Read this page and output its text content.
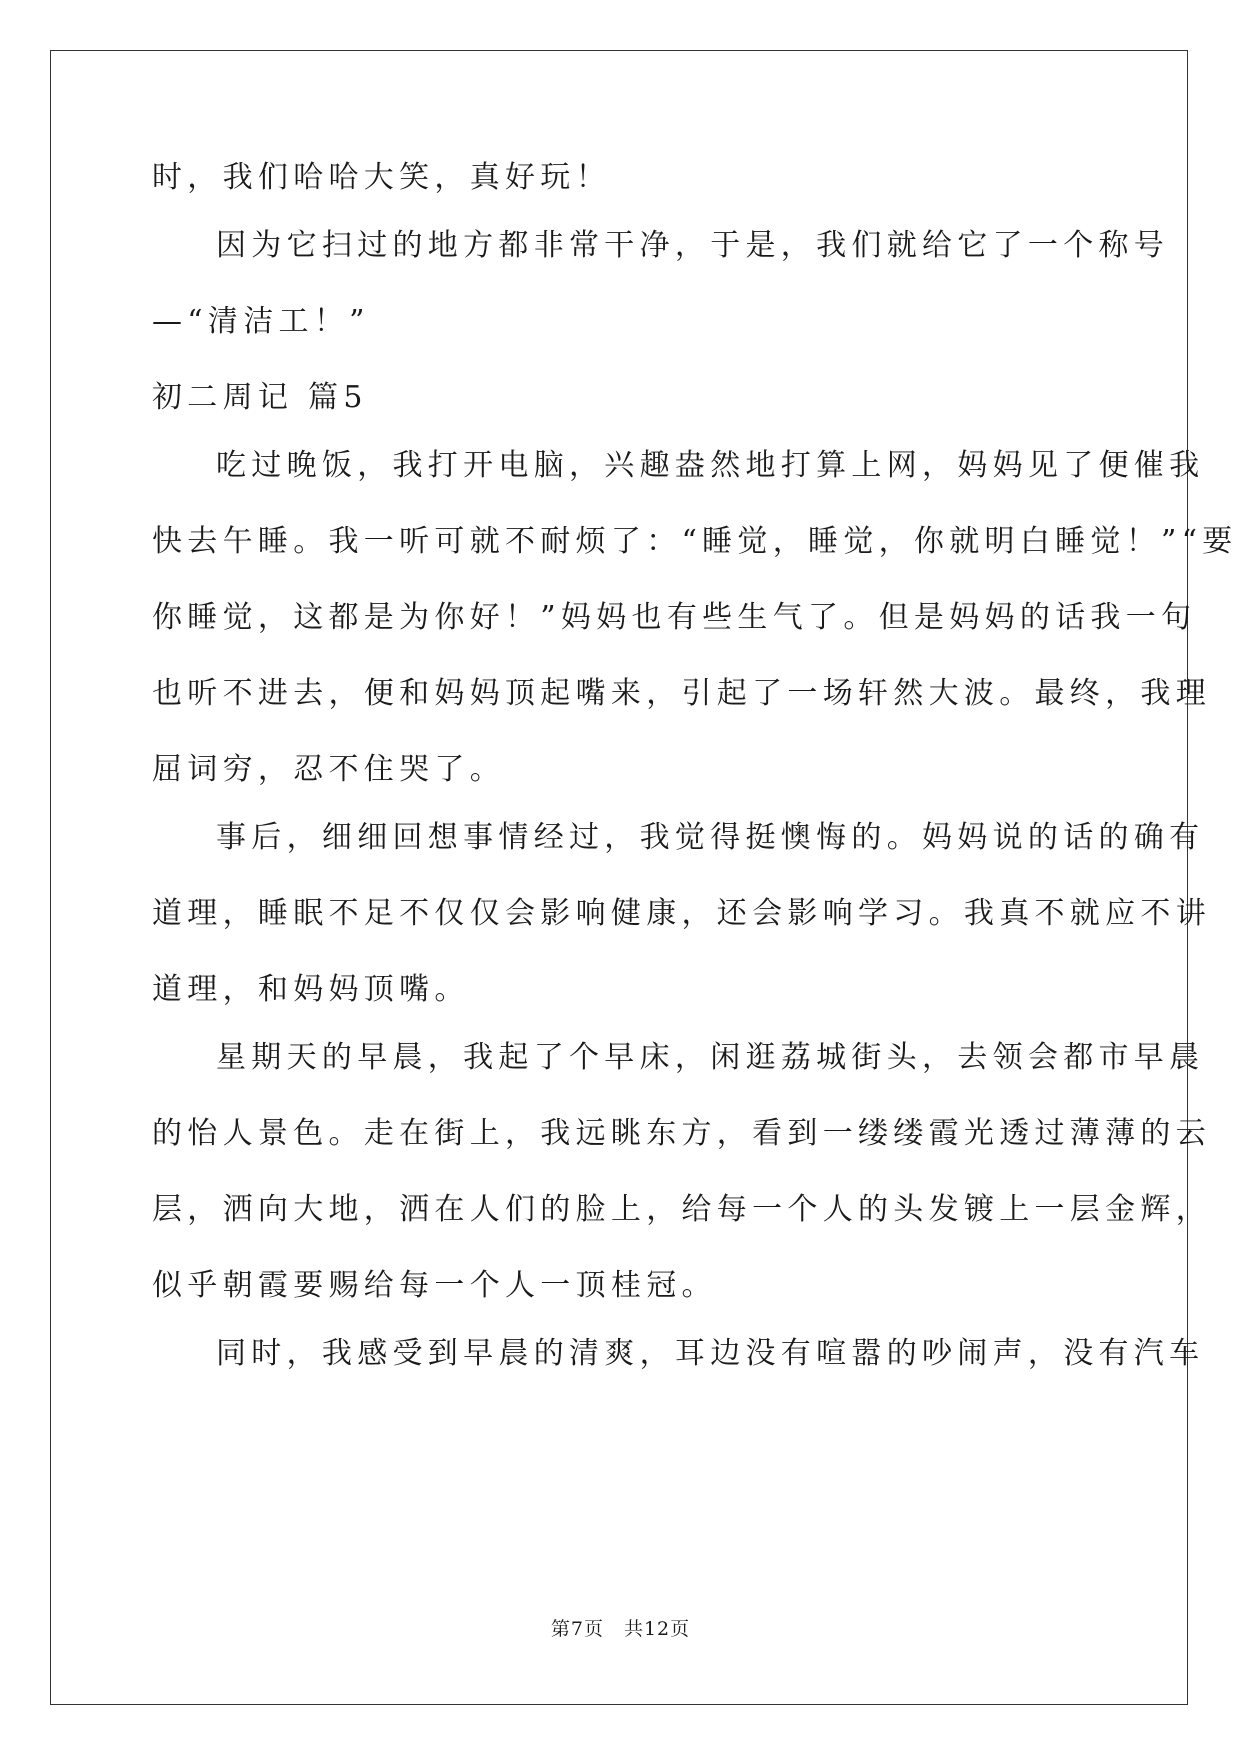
时，我们哈哈大笑，真好玩！
因为它扫过的地方都非常干净，于是，我们就给它了一个称号
—“清洁工！”
初二周记 篇5
吃过晚饭，我打开电脑，兴趣盎然地打算上网，妈妈见了便催我
快去午睡。我一听可就不耐烦了：“睡觉，睡觉，你就明白睡觉！”“要
你睡觉，这都是为你好！”妈妈也有些生气了。但是妈妈的话我一句
也听不进去，便和妈妈顶起嘴来，引起了一场轩然大波。最终，我理
屈词穷，忍不住哭了。
事后，细细回想事情经过，我觉得挺懊悔的。妈妈说的话的确有
道理，睡眠不足不仅仅会影响健康，还会影响学习。我真不就应不讲
道理，和妈妈顶嘴。
星期天的早晨，我起了个早床，闲逛荔城街头，去领会都市早晨
的怡人景色。走在街上，我远眺东方，看到一缕缕霞光透过薄薄的云
层，洒向大地，洒在人们的脸上，给每一个人的头发镀上一层金辉，
似乎朝霞要赐给每一个人一顶桂冠。
同时，我感受到早晨的清爽，耳边没有喧嚣的吵闹声，没有汽车
第7页　共12页
